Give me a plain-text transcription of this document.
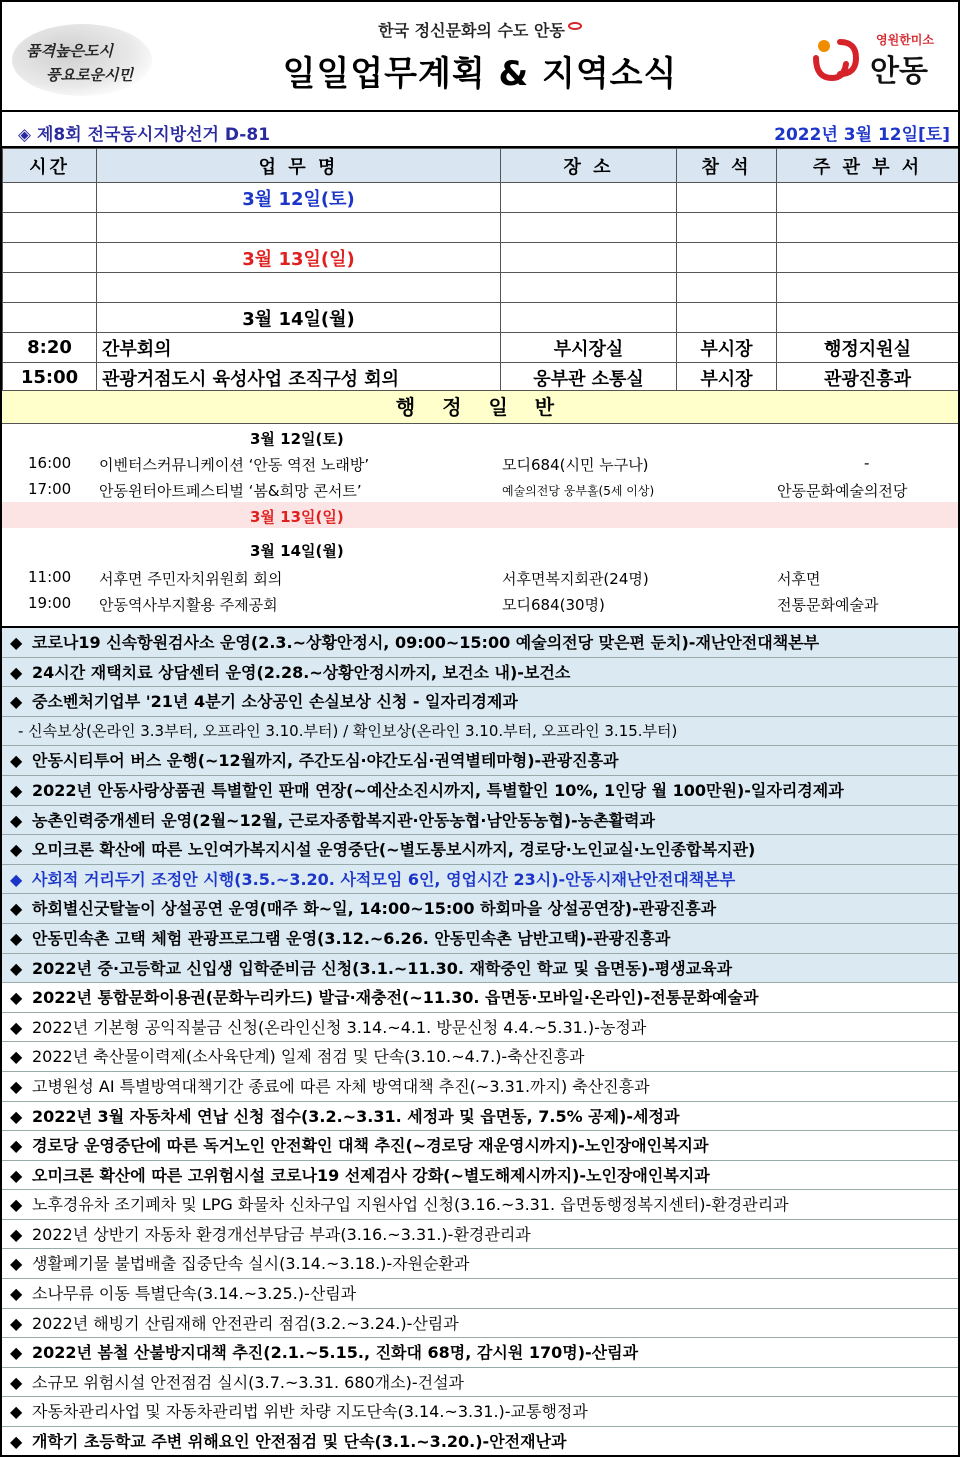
품격높은도시
풍요로운시민
한국 정신문화의 수도 안동
일일업무계획 & 지역소식
영원한미소
안동
◈ 제8회 전국동시지방선거 D-81	2022년 3월 12일[토]
시간	업 무 명	장 소	참 석	주 관 부 서
	3월 12일(토)			

	3월 13일(일)			

	3월 14일(월)			
8:20	간부회의	부시장실	부시장	행정지원실
15:00	관광거점도시 육성사업 조직구성 회의	웅부관 소통실	부시장	관광진흥과
행 정 일 반
3월 12일(토)
16:00 이벤터스커뮤니케이션 ‘안동 역전 노래방’	모디684(시민 누구나)	-
17:00 안동윈터아트페스티벌 ‘봄&희망 콘서트’	예술의전당 웅부홀(5세 이상)	안동문화예술의전당
3월 13일(일)
3월 14일(월)
11:00 서후면 주민자치위원회 회의	서후면복지회관(24명)	서후면
19:00 안동역사부지활용 주제공회	모디684(30명)	전통문화예술과
◆ 코로나19 신속항원검사소 운영(2.3.~상황안정시, 09:00~15:00 예술의전당 맞은편 둔치)-재난안전대책본부
◆ 24시간 재택치료 상담센터 운영(2.28.~상황안정시까지, 보건소 내)-보건소
◆ 중소벤처기업부 '21년 4분기 소상공인 손실보상 신청 - 일자리경제과
- 신속보상(온라인 3.3부터, 오프라인 3.10.부터) / 확인보상(온라인 3.10.부터, 오프라인 3.15.부터)
◆ 안동시티투어 버스 운행(~12월까지, 주간도심·야간도심·권역별테마형)-관광진흥과
◆ 2022년 안동사랑상품권 특별할인 판매 연장(~예산소진시까지, 특별할인 10%, 1인당 월 100만원)-일자리경제과
◆ 농촌인력중개센터 운영(2월~12월, 근로자종합복지관·안동농협·남안동농협)-농촌활력과
◆ 오미크론 확산에 따른 노인여가복지시설 운영중단(~별도통보시까지, 경로당·노인교실·노인종합복지관)
◆ 사회적 거리두기 조정안 시행(3.5.~3.20. 사적모임 6인, 영업시간 23시)-안동시재난안전대책본부
◆ 하회별신굿탈놀이 상설공연 운영(매주 화~일, 14:00~15:00 하회마을 상설공연장)-관광진흥과
◆ 안동민속촌 고택 체험 관광프로그램 운영(3.12.~6.26. 안동민속촌 남반고택)-관광진흥과
◆ 2022년 중·고등학교 신입생 입학준비금 신청(3.1.~11.30. 재학중인 학교 및 읍면동)-평생교육과
◆ 2022년 통합문화이용권(문화누리카드) 발급·재충전(~11.30. 읍면동·모바일·온라인)-전통문화예술과
◆ 2022년 기본형 공익직불금 신청(온라인신청 3.14.~4.1. 방문신청 4.4.~5.31.)-농정과
◆ 2022년 축산물이력제(소사육단계) 일제 점검 및 단속(3.10.~4.7.)-축산진흥과
◆ 고병원성 AI 특별방역대책기간 종료에 따른 자체 방역대책 추진(~3.31.까지) 축산진흥과
◆ 2022년 3월 자동차세 연납 신청 접수(3.2.~3.31. 세정과 및 읍면동, 7.5% 공제)-세정과
◆ 경로당 운영중단에 따른 독거노인 안전확인 대책 추진(~경로당 재운영시까지)-노인장애인복지과
◆ 오미크론 확산에 따른 고위험시설 코로나19 선제검사 강화(~별도해제시까지)-노인장애인복지과
◆ 노후경유차 조기폐차 및 LPG 화물차 신차구입 지원사업 신청(3.16.~3.31. 읍면동행정복지센터)-환경관리과
◆ 2022년 상반기 자동차 환경개선부담금 부과(3.16.~3.31.)-환경관리과
◆ 생활폐기물 불법배출 집중단속 실시(3.14.~3.18.)-자원순환과
◆ 소나무류 이동 특별단속(3.14.~3.25.)-산림과
◆ 2022년 해빙기 산림재해 안전관리 점검(3.2.~3.24.)-산림과
◆ 2022년 봄철 산불방지대책 추진(2.1.~5.15., 진화대 68명, 감시원 170명)-산림과
◆ 소규모 위험시설 안전점검 실시(3.7.~3.31. 680개소)-건설과
◆ 자동차관리사업 및 자동차관리법 위반 차량 지도단속(3.14.~3.31.)-교통행정과
◆ 개학기 초등학교 주변 위해요인 안전점검 및 단속(3.1.~3.20.)-안전재난과
